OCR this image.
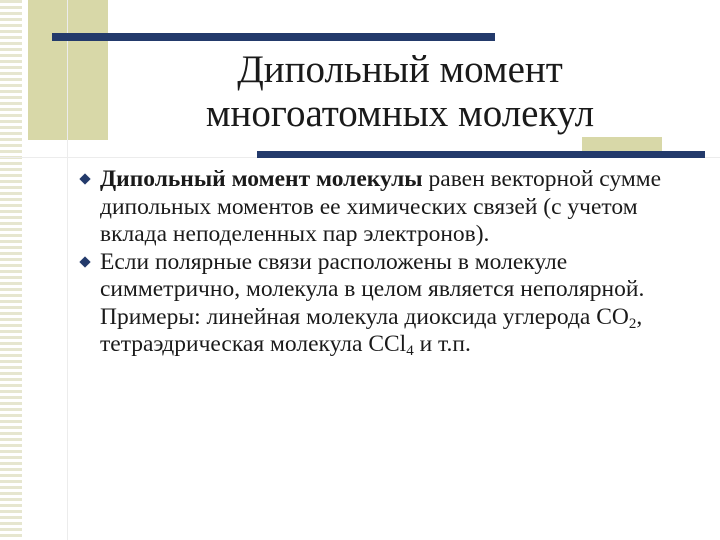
Дипольный момент
многоатомных молекул
Дипольный момент молекулы равен векторной сумме дипольных моментов ее химических связей (с учетом вклада неподеленных пар электронов).
Если полярные связи расположены в молекуле симметрично, молекула в целом является неполярной. Примеры: линейная молекула диоксида углерода $CO_2$, тетраэдрическая молекула CCl$_4$ и т.п.
